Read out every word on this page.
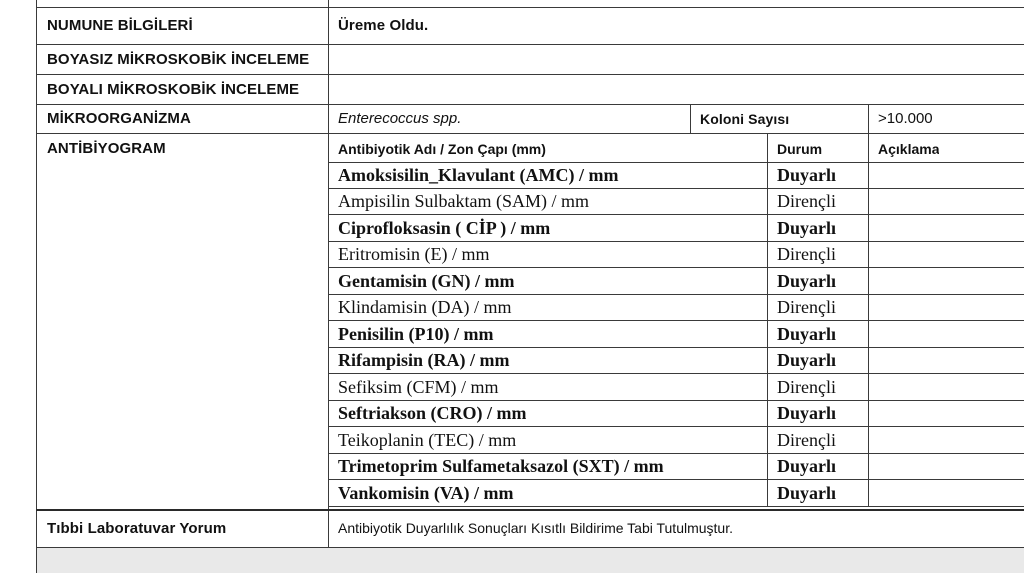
NUMUNE BİLGİLERİ	Üreme Oldu.
BOYASIZ MİKROSKOBİK İNCELEME
BOYALI MİKROSKOBİK İNCELEME
MİKROORGANİZMA	Enterecoccus spp.	Koloni Sayısı	>10.000
ANTİBİYOGRAM	Antibiyotik Adı / Zon Çapı (mm)	Durum	Açıklama
Amoksisilin_Klavulant (AMC) / mm	Duyarlı
Ampisilin Sulbaktam (SAM) / mm	Dirençli
Ciprofloksasin ( CİP ) / mm	Duyarlı
Eritromisin (E) / mm	Dirençli
Gentamisin (GN) / mm	Duyarlı
Klindamisin (DA) / mm	Dirençli
Penisilin (P10) / mm	Duyarlı
Rifampisin (RA) / mm	Duyarlı
Sefiksim (CFM) / mm	Dirençli
Seftriakson (CRO) / mm	Duyarlı
Teikoplanin (TEC) / mm	Dirençli
Trimetoprim Sulfametaksazol (SXT) / mm	Duyarlı
Vankomisin (VA) / mm	Duyarlı
Tıbbi Laboratuvar Yorum	Antibiyotik Duyarlılık Sonuçları Kısıtlı Bildirime Tabi Tutulmuştur.
